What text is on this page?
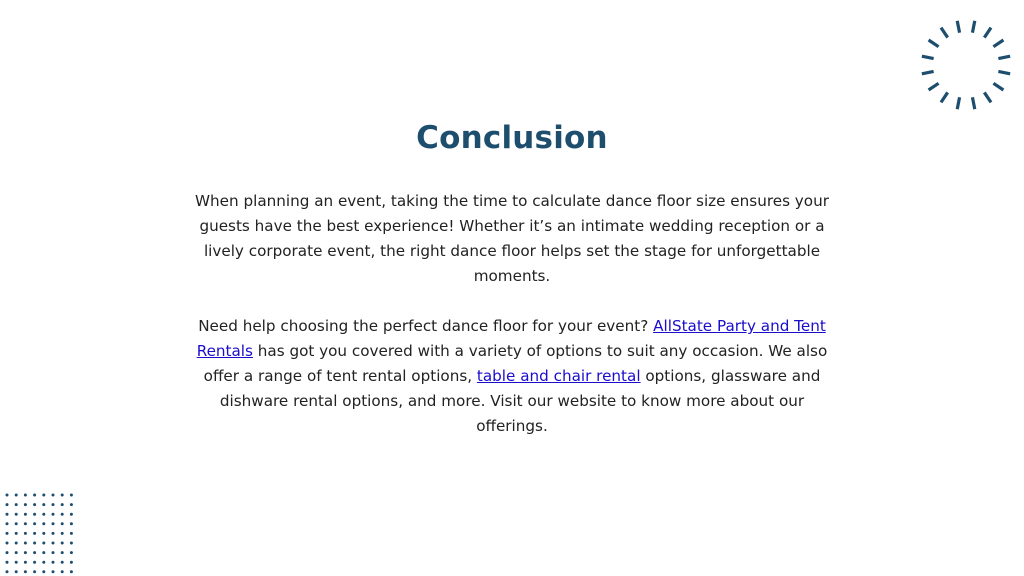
Conclusion

When planning an event, taking the time to calculate dance floor size ensures your guests have the best experience! Whether it’s an intimate wedding reception or a lively corporate event, the right dance floor helps set the stage for unforgettable moments.

Need help choosing the perfect dance floor for your event? AllState Party and Tent Rentals has got you covered with a variety of options to suit any occasion. We also offer a range of tent rental options, table and chair rental options, glassware and dishware rental options, and more. Visit our website to know more about our offerings.
